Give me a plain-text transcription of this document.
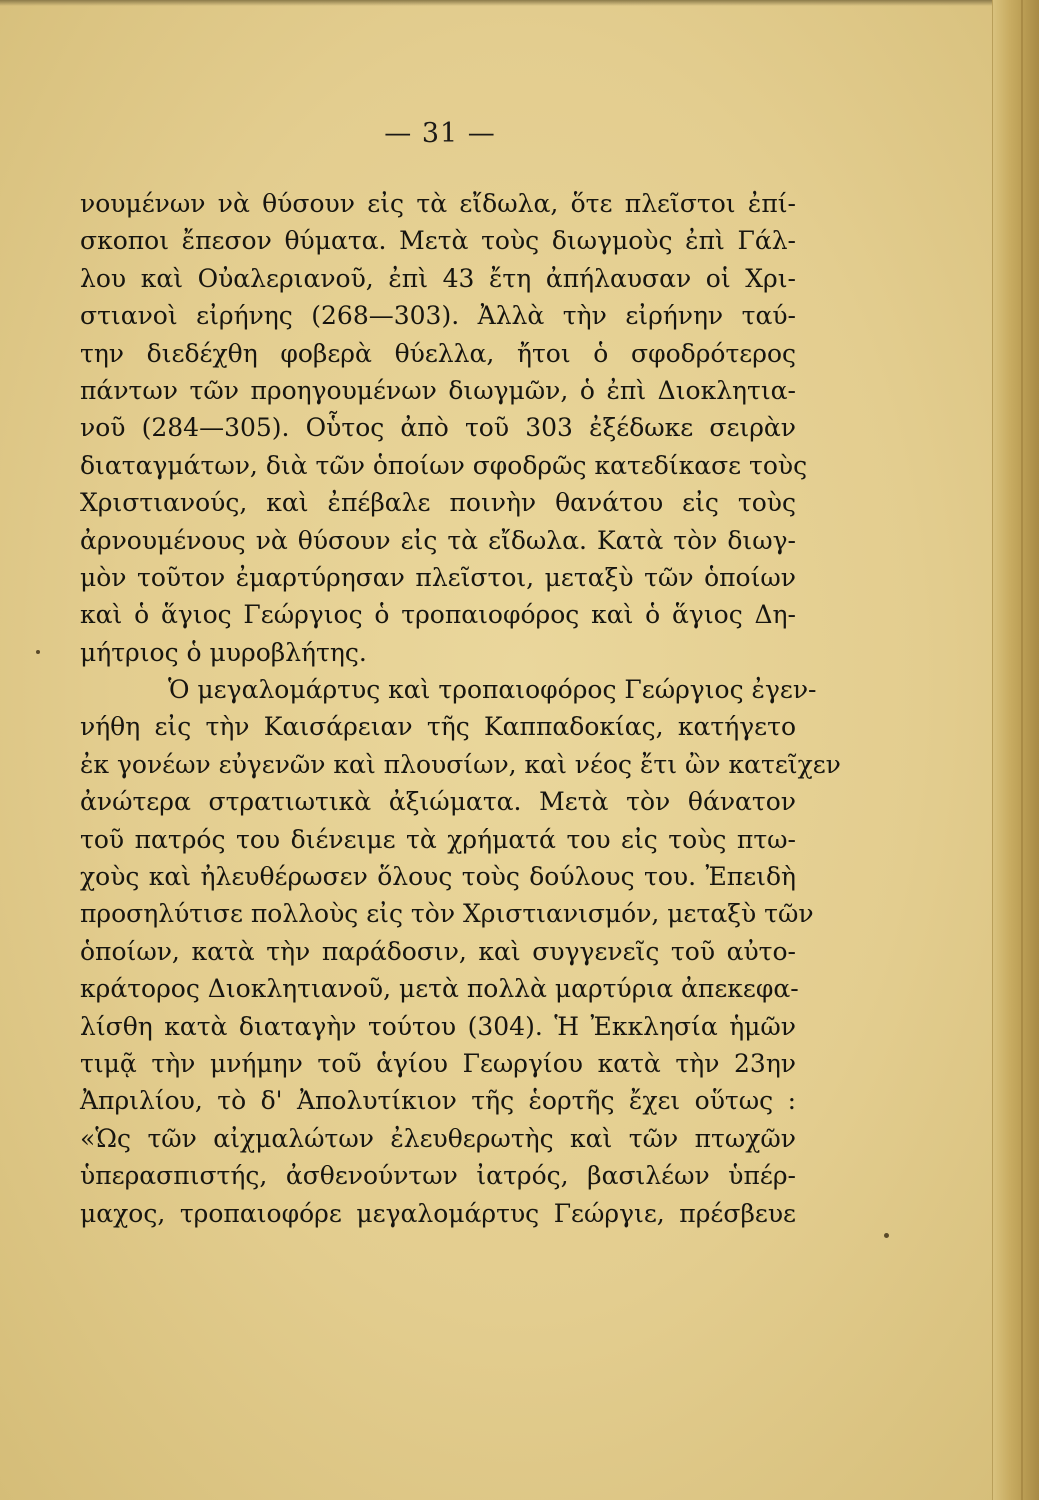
— 31 —
νουμένων νὰ θύσουν εἰς τὰ εἴδωλα, ὅτε πλεῖστοι ἐπί-
σκοποι ἔπεσον θύματα. Μετὰ τοὺς διωγμοὺς ἐπὶ Γάλ-
λου καὶ Οὐαλεριανοῦ, ἐπὶ 43 ἔτη ἀπήλαυσαν οἱ Χρι-
στιανοὶ εἰρήνης (268—303). Ἀλλὰ τὴν εἰρήνην ταύ-
την διεδέχθη φοβερὰ θύελλα, ἤτοι ὁ σφοδρότερος
πάντων τῶν προηγουμένων διωγμῶν, ὁ ἐπὶ Διοκλητια-
νοῦ (284—305). Οὗτος ἀπὸ τοῦ 303 ἐξέδωκε σειρὰν
διαταγμάτων, διὰ τῶν ὁποίων σφοδρῶς κατεδίκασε τοὺς
Χριστιανούς, καὶ ἐπέβαλε ποινὴν θανάτου εἰς τοὺς
ἀρνουμένους νὰ θύσουν εἰς τὰ εἴδωλα. Κατὰ τὸν διωγ-
μὸν τοῦτον ἐμαρτύρησαν πλεῖστοι, μεταξὺ τῶν ὁποίων
καὶ ὁ ἅγιος Γεώργιος ὁ τροπαιοφόρος καὶ ὁ ἅγιος Δη-
μήτριος ὁ μυροβλήτης.
Ὁ μεγαλομάρτυς καὶ τροπαιοφόρος Γεώργιος ἐγεν-
νήθη εἰς τὴν Καισάρειαν τῆς Καππαδοκίας, κατήγετο
ἐκ γονέων εὐγενῶν καὶ πλουσίων, καὶ νέος ἔτι ὢν κατεῖχεν
ἀνώτερα στρατιωτικὰ ἀξιώματα. Μετὰ τὸν θάνατον
τοῦ πατρός του διένειμε τὰ χρήματά του εἰς τοὺς πτω-
χοὺς καὶ ἠλευθέρωσεν ὅλους τοὺς δούλους του. Ἐπειδὴ
προσηλύτισε πολλοὺς εἰς τὸν Χριστιανισμόν, μεταξὺ τῶν
ὁποίων, κατὰ τὴν παράδοσιν, καὶ συγγενεῖς τοῦ αὐτο-
κράτορος Διοκλητιανοῦ, μετὰ πολλὰ μαρτύρια ἀπεκεφα-
λίσθη κατὰ διαταγὴν τούτου (304). Ἡ Ἐκκλησία ἡμῶν
τιμᾷ τὴν μνήμην τοῦ ἁγίου Γεωργίου κατὰ τὴν 23ην
Ἀπριλίου, τὸ δ' Ἀπολυτίκιον τῆς ἑορτῆς ἔχει οὕτως :
«Ὡς τῶν αἰχμαλώτων ἐλευθερωτὴς καὶ τῶν πτωχῶν
ὑπερασπιστής, ἀσθενούντων ἰατρός, βασιλέων ὑπέρ-
μαχος, τροπαιοφόρε μεγαλομάρτυς Γεώργιε, πρέσβευε
